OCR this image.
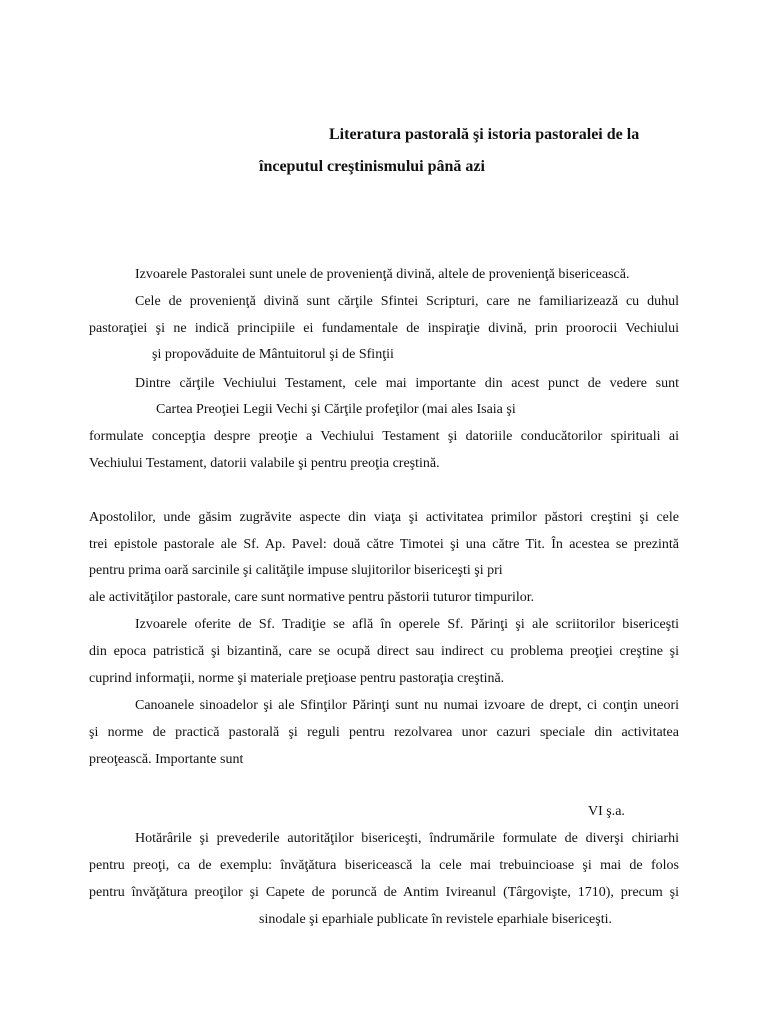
Literatura pastorală şi istoria pastoralei de la
începutul creştinismului până azi

Izvoarele Pastoralei sunt unele de provenienţă divină, altele de provenienţă bisericească.

Cele de provenienţă divină sunt cărţile Sfintei Scripturi, care ne familiarizează cu duhul

pastoraţiei şi ne indică principiile ei fundamentale de inspiraţie divină, prin proorocii Vechiului

şi propovăduite de Mântuitorul şi de Sfinţii

Dintre cărţile Vechiului Testament, cele mai importante din acest punct de vedere sunt

Cartea Preoţiei Legii Vechi şi Cărţile profeţilor (mai ales Isaia şi

formulate concepţia despre preoţie a Vechiului Testament şi datoriile conducătorilor spirituali ai

Vechiului Testament, datorii valabile şi pentru preoţia creştină.

Apostolilor, unde găsim zugrăvite aspecte din viaţa şi activitatea primilor păstori creştini şi cele

trei epistole pastorale ale Sf. Ap. Pavel: două către Timotei şi una către Tit. În acestea se prezintă

pentru prima oară sarcinile şi calităţile impuse slujitorilor bisericeşti şi pri

ale activităţilor pastorale, care sunt normative pentru păstorii tuturor timpurilor.

Izvoarele oferite de Sf. Tradiţie se află în operele Sf. Părinţi şi ale scriitorilor bisericeşti

din epoca patristică şi bizantină, care se ocupă direct sau indirect cu problema preoţiei creştine şi

cuprind informaţii, norme şi materiale preţioase pentru pastoraţia creştină.

Canoanele sinoadelor şi ale Sfinţilor Părinţi sunt nu numai izvoare de drept, ci conţin uneori

şi norme de practică pastorală şi reguli pentru rezolvarea unor cazuri speciale din activitatea

preoţească. Importante sunt

VI ş.a.

Hotărârile şi prevederile autorităţilor bisericeşti, îndrumările formulate de diverşi chiriarhi

pentru preoţi, ca de exemplu: învăţătura bisericească la cele mai trebuincioase şi mai de folos

pentru învăţătura preoţilor şi Capete de poruncă de Antim Ivireanul (Târgovişte, 1710), precum şi

sinodale şi eparhiale publicate în revistele eparhiale bisericeşti.
